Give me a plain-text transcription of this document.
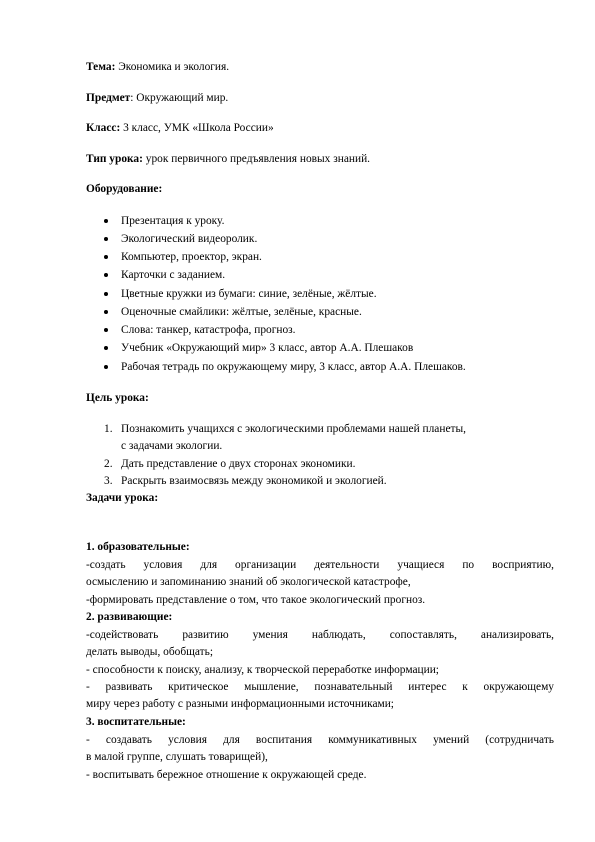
Тема: Экономика и экология.
Предмет: Окружающий мир.
Класс: 3 класс, УМК «Школа России»
Тип урока: урок первичного предъявления новых знаний.
Оборудование:
Презентация к уроку.
Экологический видеоролик.
Компьютер, проектор, экран.
Карточки с заданием.
Цветные кружки из бумаги: синие, зелёные, жёлтые.
Оценочные смайлики: жёлтые, зелёные, красные.
Слова: танкер, катастрофа, прогноз.
Учебник «Окружающий мир» 3 класс, автор А.А. Плешаков
Рабочая тетрадь по окружающему миру, 3 класс, автор А.А. Плешаков.
Цель урока:
1. Познакомить учащихся с экологическими проблемами нашей планеты,
с задачами экологии.
2. Дать представление о двух сторонах экономики.
3. Раскрыть взаимосвязь между экономикой и экологией.
Задачи урока:
1. образовательные:
-создать условия для организации деятельности учащиеся по восприятию,
осмыслению и запоминанию знаний об экологической катастрофе,
-формировать представление о том, что такое экологический прогноз.
2. развивающие:
-содействовать развитию умения наблюдать, сопоставлять, анализировать,
делать выводы, обобщать;
- способности к поиску, анализу, к творческой переработке информации;
- развивать критическое мышление, познавательный интерес к окружающему
миру через работу с разными информационными источниками;
3. воспитательные:
- создавать условия для воспитания коммуникативных умений (сотрудничать
в малой группе, слушать товарищей),
- воспитывать бережное отношение к окружающей среде.
